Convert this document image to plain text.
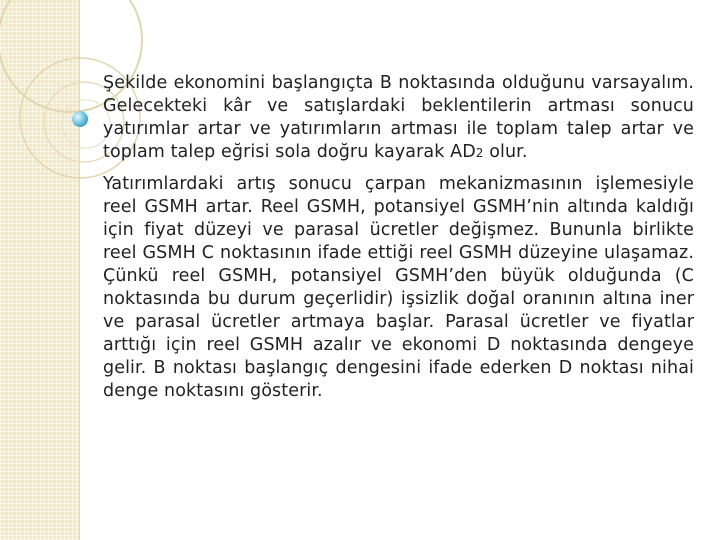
Şekilde ekonomini başlangıçta B noktasında olduğunu varsayalım. Gelecekteki kâr ve satışlardaki beklentilerin artması sonucu yatırımlar artar ve yatırımların artması ile toplam talep artar ve toplam talep eğrisi sola doğru kayarak AD2 olur.

Yatırımlardaki artış sonucu çarpan mekanizmasının işlemesiyle reel GSMH artar. Reel GSMH, potansiyel GSMH’nin altında kaldığı için fiyat düzeyi ve parasal ücretler değişmez. Bununla birlikte reel GSMH C noktasının ifade ettiği reel GSMH düzeyine ulaşamaz. Çünkü reel GSMH, potansiyel GSMH’den büyük olduğunda (C noktasında bu durum geçerlidir) işsizlik doğal oranının altına iner ve parasal ücretler artmaya başlar. Parasal ücretler ve fiyatlar arttığı için reel GSMH azalır ve ekonomi D noktasında dengeye gelir. B noktası başlangıç dengesini ifade ederken D noktası nihai denge noktasını gösterir.
